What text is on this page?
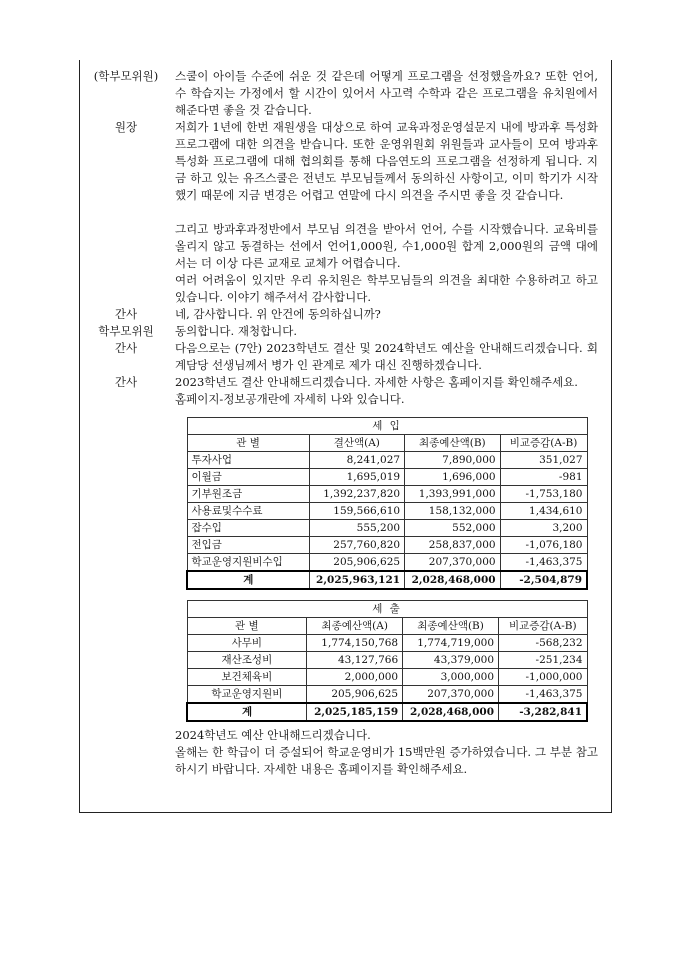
(학부모위원)	스쿨이 아이들 수준에 쉬운 것 같은데 어떻게 프로그램을 선정했을까요? 또한 언어, 수 학습지는 가정에서 할 시간이 있어서 사고력 수학과 같은 프로그램을 유치원에서 해준다면 좋을 것 같습니다.
원장	저희가 1년에 한번 재원생을 대상으로 하여 교육과정운영설문지 내에 방과후 특성화 프로그램에 대한 의견을 받습니다. 또한 운영위원회 위원들과 교사들이 모여 방과후 특성화 프로그램에 대해 협의회를 통해 다음연도의 프로그램을 선정하게 됩니다. 지금 하고 있는 유즈스쿨은 전년도 부모님들께서 동의하신 사항이고, 이미 학기가 시작했기 때문에 지금 변경은 어렵고 연말에 다시 의견을 주시면 좋을 것 같습니다.
그리고 방과후과정반에서 부모님 의견을 받아서 언어, 수를 시작했습니다. 교육비를 올리지 않고 동결하는 선에서 언어1,000원, 수1,000원 합계 2,000원의 금액 대에서는 더 이상 다른 교재로 교체가 어렵습니다.
여러 어려움이 있지만 우리 유치원은 학부모님들의 의견을 최대한 수용하려고 하고 있습니다. 이야기 해주셔서 감사합니다.
간사	네, 감사합니다. 위 안건에 동의하십니까?
학부모위원	동의합니다. 재청합니다.
간사	다음으로는 (7안) 2023학년도 결산 및 2024학년도 예산을 안내해드리겠습니다. 회계담당 선생님께서 병가 인 관계로 제가 대신 진행하겠습니다.
간사	2023학년도 결산 안내해드리겠습니다. 자세한 사항은 홈페이지를 확인해주세요.
홈페이지-정보공개란에 자세히 나와 있습니다.
세 입			
관 별	결산액(A)	최종예산액(B)	비교증감(A-B)
투자사업	8,241,027	7,890,000	351,027
이월금	1,695,019	1,696,000	-981
기부원조금	1,392,237,820	1,393,991,000	-1,753,180
사용료및수수료	159,566,610	158,132,000	1,434,610
잡수입	555,200	552,000	3,200
전입금	257,760,820	258,837,000	-1,076,180
학교운영지원비수입	205,906,625	207,370,000	-1,463,375
계	2,025,963,121	2,028,468,000	-2,504,879
세 출			
관 별	최종예산액(A)	최종예산액(B)	비교증감(A-B)
사무비	1,774,150,768	1,774,719,000	-568,232
재산조성비	43,127,766	43,379,000	-251,234
보건체육비	2,000,000	3,000,000	-1,000,000
학교운영지원비	205,906,625	207,370,000	-1,463,375
계	2,025,185,159	2,028,468,000	-3,282,841
2024학년도 예산 안내해드리겠습니다.
올해는 한 학급이 더 증설되어 학교운영비가 15백만원 증가하였습니다. 그 부분 참고하시기 바랍니다. 자세한 내용은 홈페이지를 확인해주세요.
